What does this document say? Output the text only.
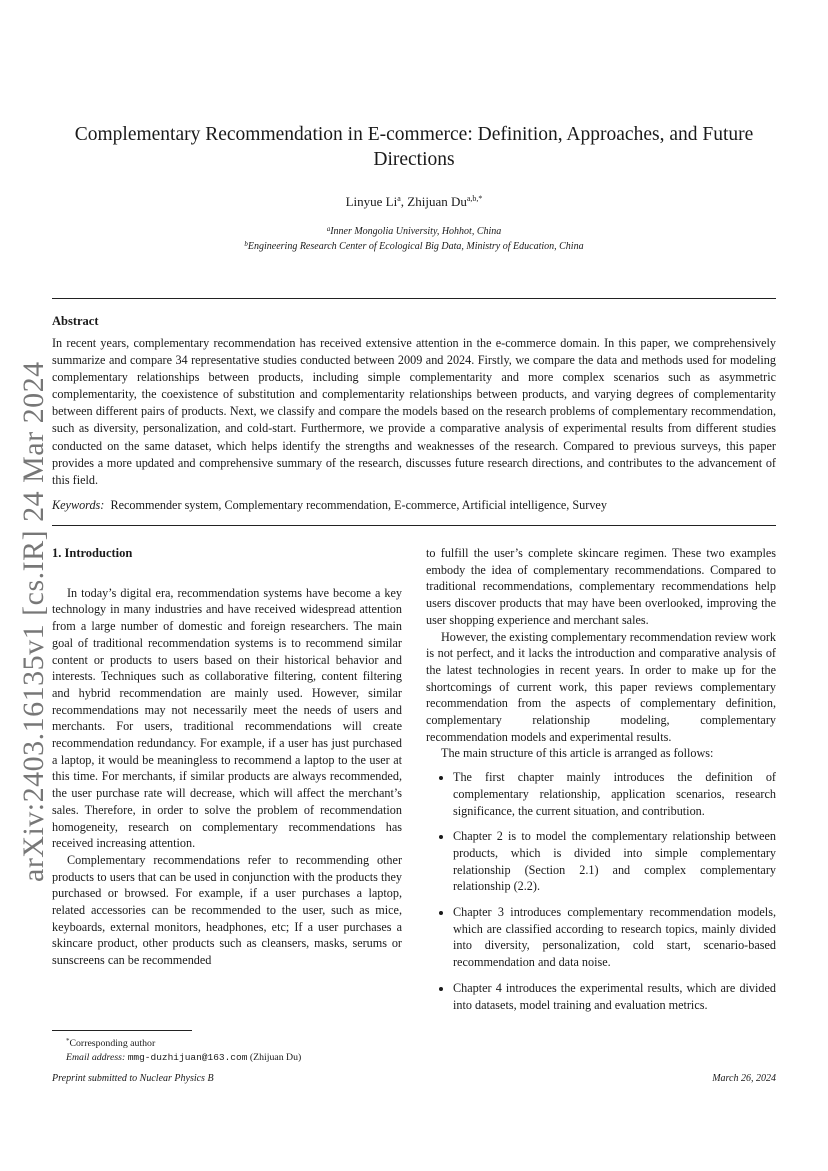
arXiv:2403.16135v1 [cs.IR] 24 Mar 2024
Complementary Recommendation in E-commerce: Definition, Approaches, and Future Directions
Linyue Li$^a$, Zhijuan $Du^{a,b,*}$
$^a$Inner Mongolia University, Hohhot, China
$^b$Engineering Research Center of Ecological Big Data, Ministry of Education, China
Abstract

In recent years, complementary recommendation has received extensive attention in the e-commerce domain. In this paper, we comprehensively summarize and compare 34 representative studies conducted between 2009 and 2024. Firstly, we compare the data and methods used for modeling complementary relationships between products, including simple complementarity and more complex scenarios such as asymmetric complementarity, the coexistence of substitution and complementarity relationships between products, and varying degrees of complementarity between different pairs of products. Next, we classify and compare the models based on the research problems of complementary recommendation, such as diversity, personalization, and cold-start. Furthermore, we provide a comparative analysis of experimental results from different studies conducted on the same dataset, which helps identify the strengths and weaknesses of the research. Compared to previous surveys, this paper provides a more updated and comprehensive summary of the research, discusses future research directions, and contributes to the advancement of this field.

Keywords: Recommender system, Complementary recommendation, E-commerce, Artificial intelligence, Survey
1. Introduction

In today’s digital era, recommendation systems have become a key technology in many industries and have received widespread attention from a large number of domestic and foreign researchers. The main goal of traditional recommendation systems is to recommend similar content or products to users based on their historical behavior and interests. Techniques such as collaborative filtering, content filtering and hybrid recommendation are mainly used. However, similar recommendations may not necessarily meet the needs of users and merchants. For users, traditional recommendations will create recommendation redundancy. For example, if a user has just purchased a laptop, it would be meaningless to recommend a laptop to the user at this time. For merchants, if similar products are always recommended, the user purchase rate will decrease, which will affect the merchant’s sales. Therefore, in order to solve the problem of recommendation homogeneity, research on complementary recommendations has received increasing attention.

Complementary recommendations refer to recommending other products to users that can be used in conjunction with the products they purchased or browsed. For example, if a user purchases a laptop, related accessories can be recommended to the user, such as mice, keyboards, external monitors, headphones, etc; If a user purchases a skincare product, other products such as cleansers, masks, serums or sunscreens can be recommended

to fulfill the user’s complete skincare regimen. These two examples embody the idea of complementary recommendations. Compared to traditional recommendations, complementary recommendations help users discover products that may have been overlooked, improving the user shopping experience and merchant sales.

However, the existing complementary recommendation review work is not perfect, and it lacks the introduction and comparative analysis of the latest technologies in recent years. In order to make up for the shortcomings of current work, this paper reviews complementary recommendation from the aspects of complementary definition, complementary relationship modeling, complementary recommendation models and experimental results.

The main structure of this article is arranged as follows:

• The first chapter mainly introduces the definition of complementary relationship, application scenarios, research significance, the current situation, and contribution.
• Chapter 2 is to model the complementary relationship between products, which is divided into simple complementary relationship (Section 2.1) and complex complementary relationship (2.2).
• Chapter 3 introduces complementary recommendation models, which are classified according to research topics, mainly divided into diversity, personalization, cold start, scenario-based recommendation and data noise.
• Chapter 4 introduces the experimental results, which are divided into datasets, model training and evaluation metrics.
*Corresponding author
Email address: mmg-duzhijuan@163.com (Zhijuan Du)
Preprint submitted to Nuclear Physics B	March 26, 2024
